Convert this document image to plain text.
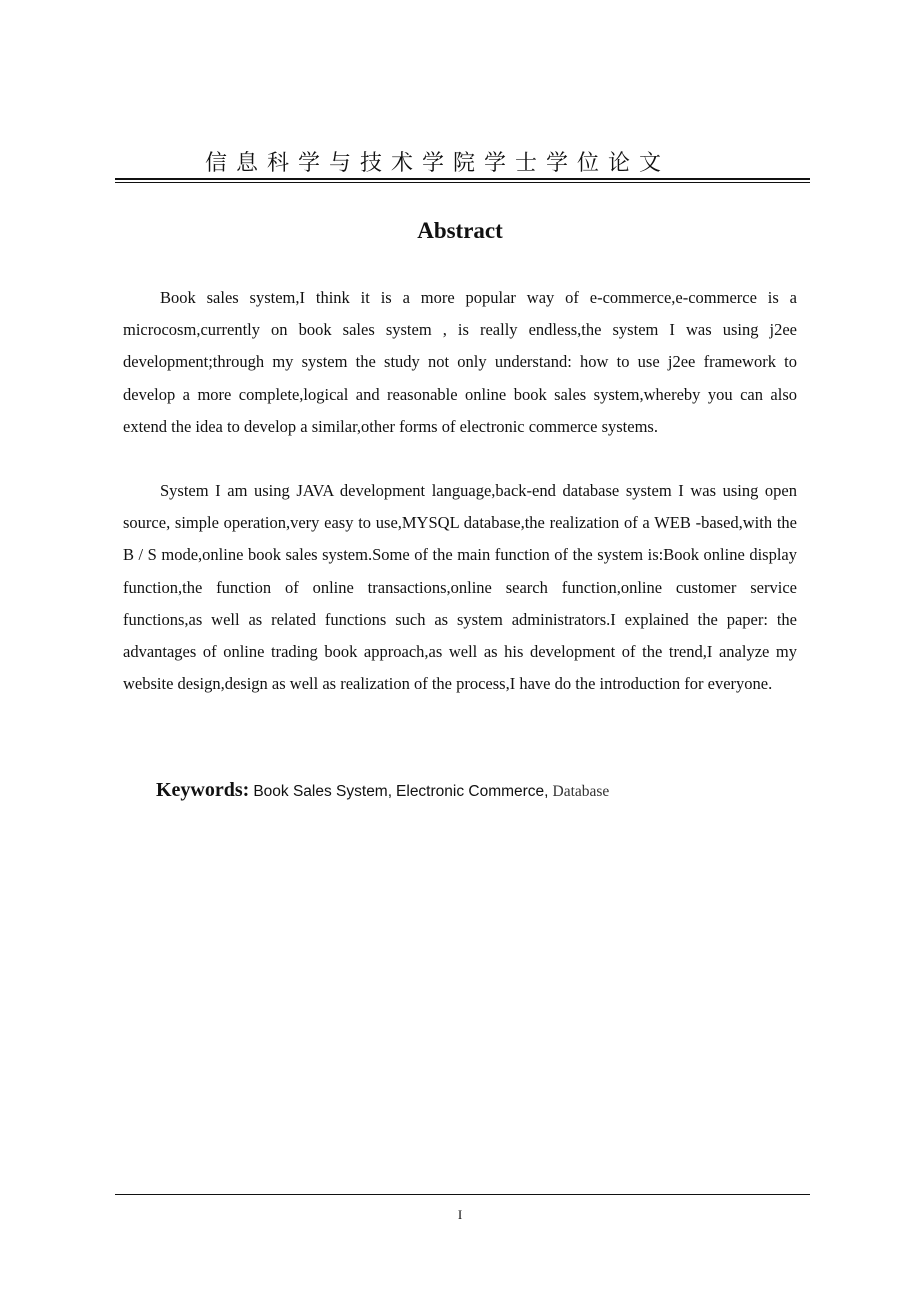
信息科学与技术学院学士学位论文
Abstract

Book sales system,I think it is a more popular way of e-commerce,e-commerce is a microcosm,currently on book sales system , is really endless,the system I was using j2ee development;through my system the study not only understand: how to use j2ee framework to develop a more complete,logical and reasonable online book sales system,whereby you can also extend the idea to develop a similar,other forms of electronic commerce systems.

System I am using JAVA development language,back-end database system I was using open source, simple operation,very easy to use,MYSQL database,the realization of a WEB -based,with the B / S mode,online book sales system.Some of the main function of the system is:Book online display function,the function of online transactions,online search function,online customer service functions,as well as related functions such as system administrators.I explained the paper: the advantages of online trading book approach,as well as his development of the trend,I analyze my website design,design as well as realization of the process,I have do the introduction for everyone.

Keywords: Book Sales System, Electronic Commerce, Database
I
